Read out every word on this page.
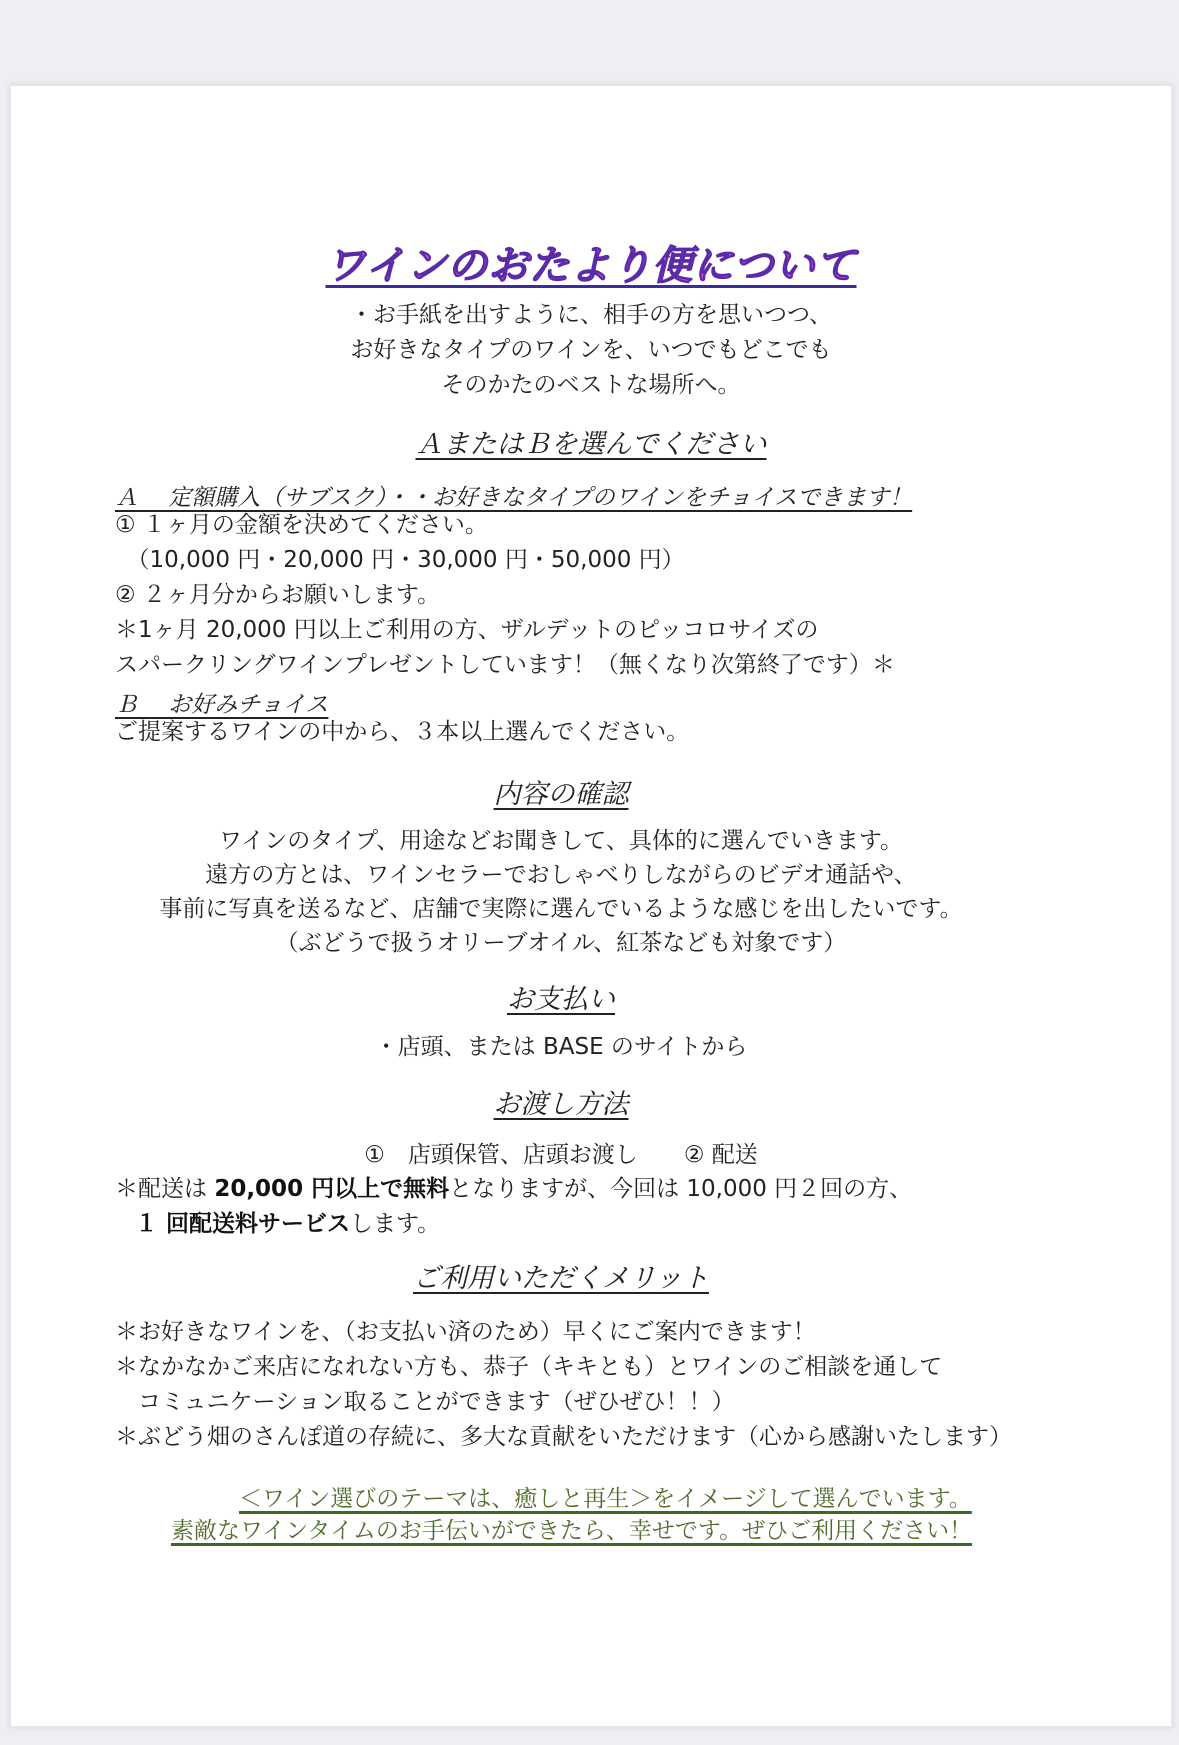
ワインのおたより便について
・お手紙を出すように、相手の方を思いつつ、
お好きなタイプのワインを、いつでもどこでも
そのかたのベストな場所へ。
ＡまたはＢを選んでください
Ａ　 定額購入（サブスク）・・お好きなタイプのワインをチョイスできます！
① １ヶ月の金額を決めてください。
　（10,000 円・20,000 円・30,000 円・50,000 円）
② ２ヶ月分からお願いします。
＊1ヶ月 20,000 円以上ご利用の方、ザルデットのピッコロサイズの
スパークリングワインプレゼントしています！（無くなり次第終了です）＊
Ｂ　 お好みチョイス
ご提案するワインの中から、３本以上選んでください。
内容の確認
ワインのタイプ、用途などお聞きして、具体的に選んでいきます。
遠方の方とは、ワインセラーでおしゃべりしながらのビデオ通話や、
事前に写真を送るなど、店舗で実際に選んでいるような感じを出したいです。
（ぶどうで扱うオリーブオイル、紅茶なども対象です）
お支払い
・店頭、または BASE のサイトから
お渡し方法
①　店頭保管、店頭お渡し　　② 配送
＊配送は 20,000 円以上で無料となりますが、今回は 10,000 円２回の方、
１ 回配送料サービスします。
ご利用いただくメリット
＊お好きなワインを、（お支払い済のため）早くにご案内できます！
＊なかなかご来店になれない方も、恭子（キキとも）とワインのご相談を通して
　コミュニケーション取ることができます（ぜひぜひ！！）
＊ぶどう畑のさんぽ道の存続に、多大な貢献をいただけます（心から感謝いたします）
＜ワイン選びのテーマは、癒しと再生＞をイメージして選んでいます。
素敵なワインタイムのお手伝いができたら、幸せです。ぜひご利用ください！
